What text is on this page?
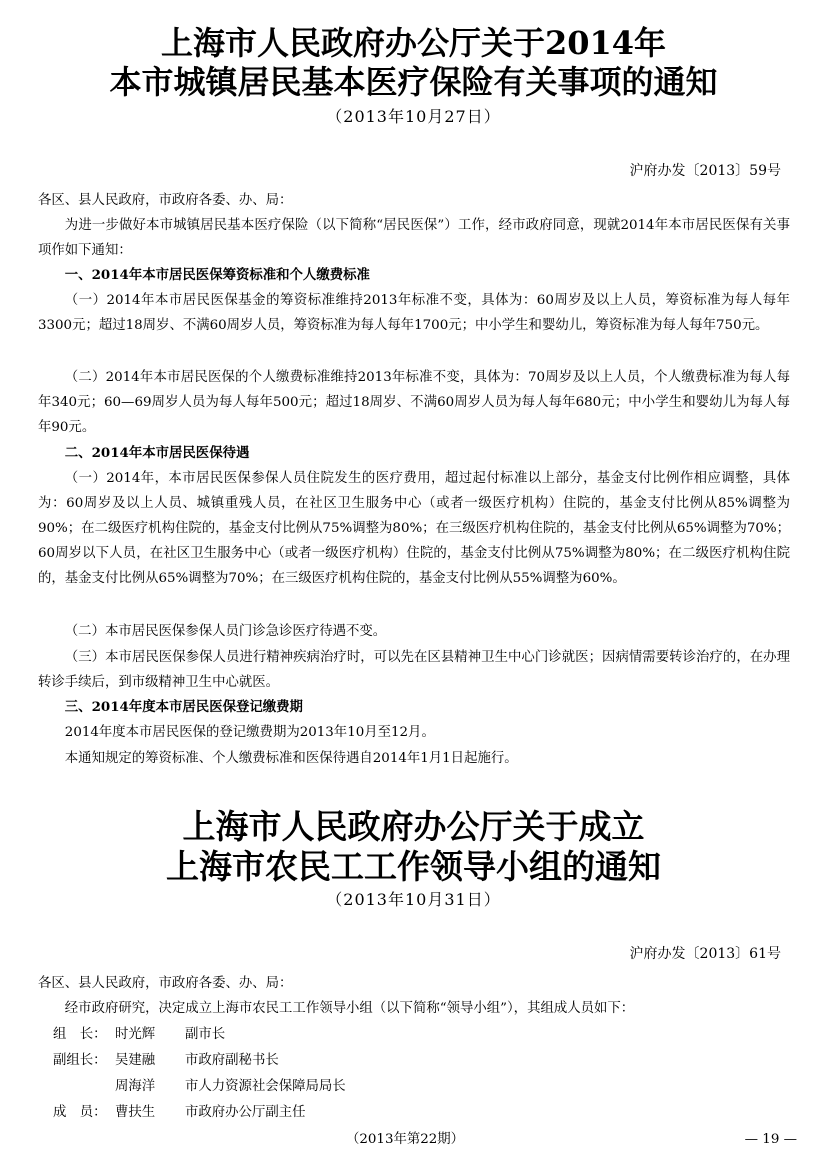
上海市人民政府办公厅关于2014年
本市城镇居民基本医疗保险有关事项的通知
（2013年10月27日）
沪府办发〔2013〕59号

各区、县人民政府，市政府各委、办、局：

为进一步做好本市城镇居民基本医疗保险（以下简称“居民医保”）工作，经市政府同意，现就2014年本市居民医保有关事项作如下通知：

一、2014年本市居民医保筹资标准和个人缴费标准

（一）2014年本市居民医保基金的筹资标准维持2013年标准不变，具体为：60周岁及以上人员，筹资标准为每人每年3300元；超过18周岁、不满60周岁人员，筹资标准为每人每年1700元；中小学生和婴幼儿，筹资标准为每人每年750元。

（二）2014年本市居民医保的个人缴费标准维持2013年标准不变，具体为：70周岁及以上人员，个人缴费标准为每人每年340元；60—69周岁人员为每人每年500元；超过18周岁、不满60周岁人员为每人每年680元；中小学生和婴幼儿为每人每年90元。

二、2014年本市居民医保待遇

（一）2014年，本市居民医保参保人员住院发生的医疗费用，超过起付标准以上部分，基金支付比例作相应调整，具体为：60周岁及以上人员、城镇重残人员，在社区卫生服务中心（或者一级医疗机构）住院的，基金支付比例从85%调整为90%；在二级医疗机构住院的，基金支付比例从75%调整为80%；在三级医疗机构住院的，基金支付比例从65%调整为70%；60周岁以下人员，在社区卫生服务中心（或者一级医疗机构）住院的，基金支付比例从75%调整为80%；在二级医疗机构住院的，基金支付比例从65%调整为70%；在三级医疗机构住院的，基金支付比例从55%调整为60%。

（二）本市居民医保参保人员门诊急诊医疗待遇不变。

（三）本市居民医保参保人员进行精神疾病治疗时，可以先在区县精神卫生中心门诊就医；因病情需要转诊治疗的，在办理转诊手续后，到市级精神卫生中心就医。

三、2014年度本市居民医保登记缴费期

2014年度本市居民医保的登记缴费期为2013年10月至12月。

本通知规定的筹资标准、个人缴费标准和医保待遇自2014年1月1日起施行。

上海市人民政府办公厅关于成立
上海市农民工工作领导小组的通知
（2013年10月31日）
沪府办发〔2013〕61号

各区、县人民政府，市政府各委、办、局：

经市政府研究，决定成立上海市农民工工作领导小组（以下简称“领导小组”），其组成人员如下：

组　长： 时光辉 副市长
副组长： 吴建融 市政府副秘书长
周海洋 市人力资源社会保障局局长
成　员： 曹扶生 市政府办公厅副主任
（2013年第22期）	— 19 —
